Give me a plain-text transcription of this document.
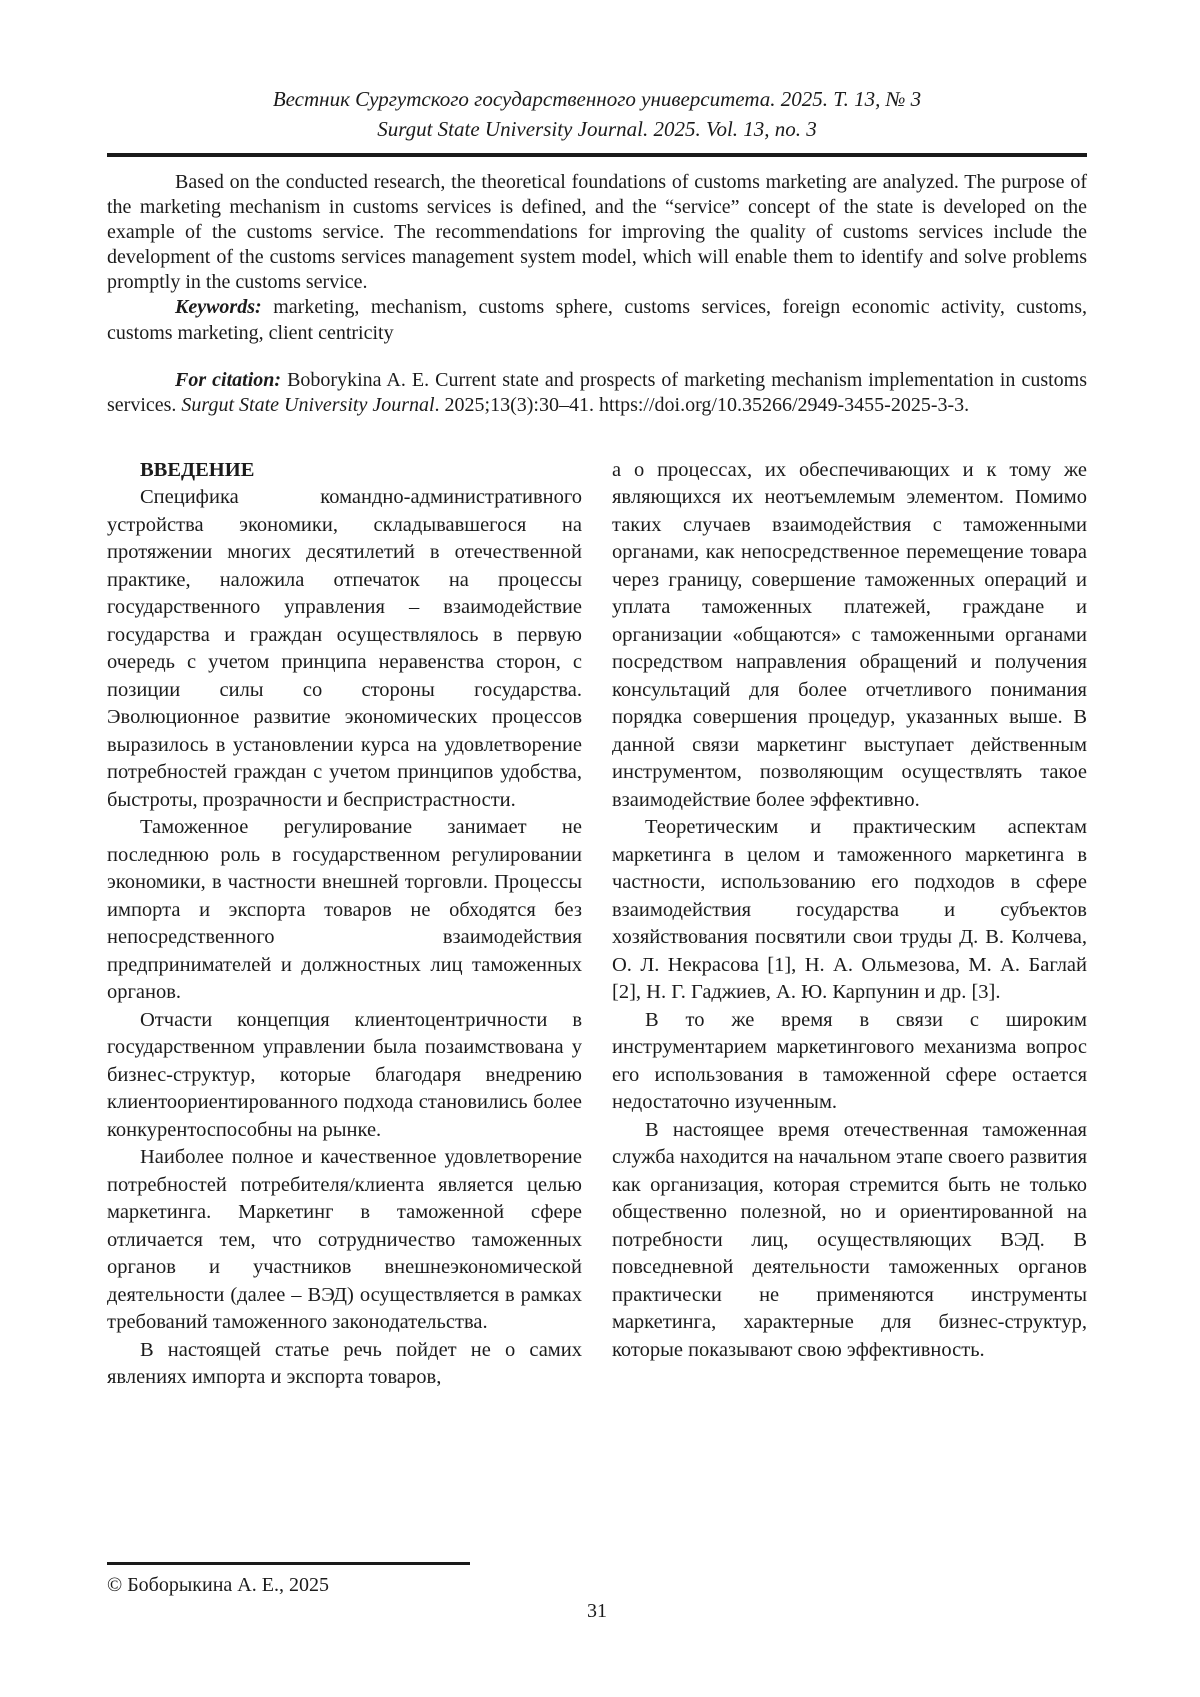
Вестник Сургутского государственного университета. 2025. Т. 13, № 3
Surgut State University Journal. 2025. Vol. 13, no. 3

Based on the conducted research, the theoretical foundations of customs marketing are analyzed. The purpose of the marketing mechanism in customs services is defined, and the “service” concept of the state is developed on the example of the customs service. The recommendations for improving the quality of customs services include the development of the customs services management system model, which will enable them to identify and solve problems promptly in the customs service.

Keywords: marketing, mechanism, customs sphere, customs services, foreign economic activity, customs, customs marketing, client centricity

For citation: Boborykina A. E. Current state and prospects of marketing mechanism implementation in customs services. Surgut State University Journal. 2025;13(3):30–41. https://doi.org/10.35266/2949-3455-2025-3-3.

ВВЕДЕНИЕ

Специфика командно-административного устройства экономики, складывавшегося на протяжении многих десятилетий в отечественной практике, наложила отпечаток на процессы государственного управления – взаимодействие государства и граждан осуществлялось в первую очередь с учетом принципа неравенства сторон, с позиции силы со стороны государства. Эволюционное развитие экономических процессов выразилось в установлении курса на удовлетворение потребностей граждан с учетом принципов удобства, быстроты, прозрачности и беспристрастности.

Таможенное регулирование занимает не последнюю роль в государственном регулировании экономики, в частности внешней торговли. Процессы импорта и экспорта товаров не обходятся без непосредственного взаимодействия предпринимателей и должностных лиц таможенных органов.

Отчасти концепция клиентоцентричности в государственном управлении была позаимствована у бизнес-структур, которые благодаря внедрению клиентоориентированного подхода становились более конкурентоспособны на рынке.

Наиболее полное и качественное удовлетворение потребностей потребителя/клиента является целью маркетинга. Маркетинг в таможенной сфере отличается тем, что сотрудничество таможенных органов и участников внешнеэкономической деятельности (далее – ВЭД) осуществляется в рамках требований таможенного законодательства.

В настоящей статье речь пойдет не о самих явлениях импорта и экспорта товаров,

а о процессах, их обеспечивающих и к тому же являющихся их неотъемлемым элементом. Помимо таких случаев взаимодействия с таможенными органами, как непосредственное перемещение товара через границу, совершение таможенных операций и уплата таможенных платежей, граждане и организации «общаются» с таможенными органами посредством направления обращений и получения консультаций для более отчетливого понимания порядка совершения процедур, указанных выше. В данной связи маркетинг выступает действенным инструментом, позволяющим осуществлять такое взаимодействие более эффективно.

Теоретическим и практическим аспектам маркетинга в целом и таможенного маркетинга в частности, использованию его подходов в сфере взаимодействия государства и субъектов хозяйствования посвятили свои труды Д. В. Колчева, О. Л. Некрасова [1], Н. А. Ольмезова, М. А. Баглай [2], Н. Г. Гаджиев, А. Ю. Карпунин и др. [3].

В то же время в связи с широким инструментарием маркетингового механизма вопрос его использования в таможенной сфере остается недостаточно изученным.

В настоящее время отечественная таможенная служба находится на начальном этапе своего развития как организация, которая стремится быть не только общественно полезной, но и ориентированной на потребности лиц, осуществляющих ВЭД. В повседневной деятельности таможенных органов практически не применяются инструменты маркетинга, характерные для бизнес-структур, которые показывают свою эффективность.

© Боборыкина А. Е., 2025
31
